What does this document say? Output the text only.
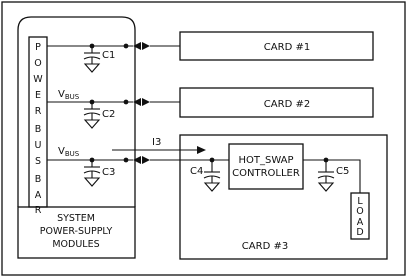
P
O
W
E
R
B
U
S
B
A
R
SYSTEM
POWER-SUPPLY
MODULES
C1
CARD #1
$V_{BUS}$
C2
CARD #2
$V_{BUS}$
C3
I3
CARD #3
C4
HOT_SWAP
CONTROLLER	C5
L
O
A
D
